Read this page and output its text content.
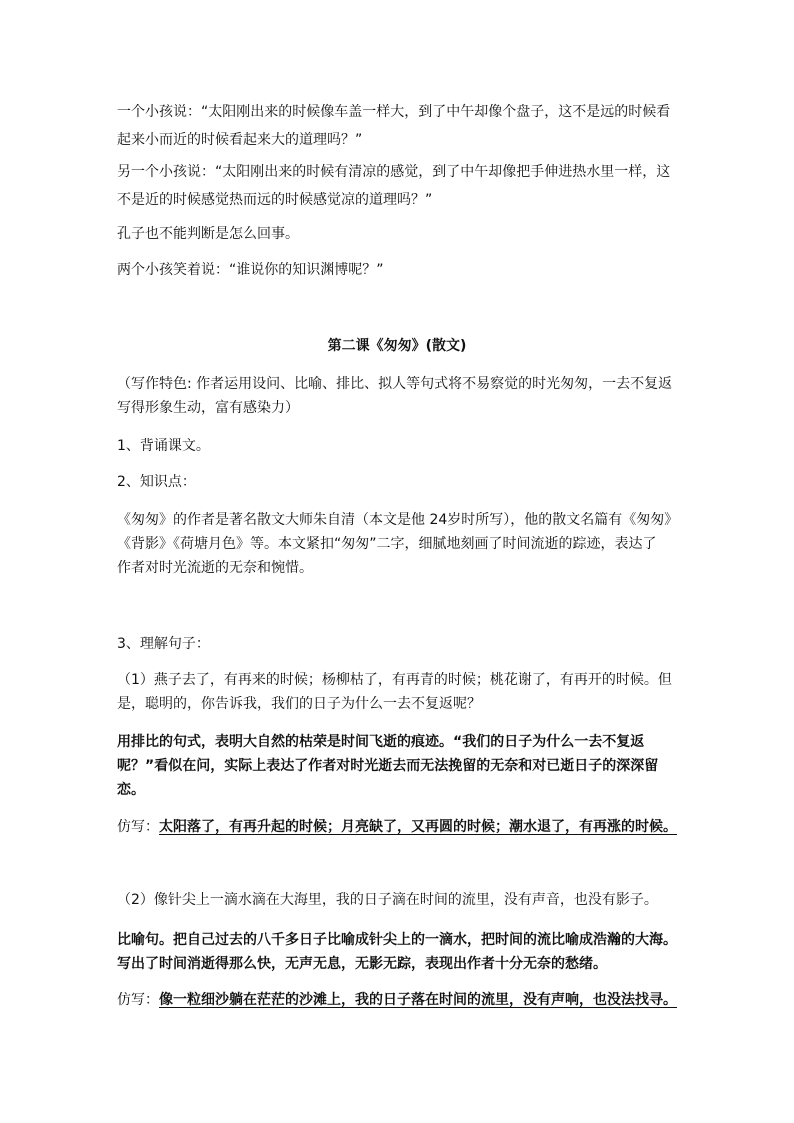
一个小孩说：“太阳刚出来的时候像车盖一样大，到了中午却像个盘子，这不是远的时候看
起来小而近的时候看起来大的道理吗？”

另一个小孩说：“太阳刚出来的时候有清凉的感觉，到了中午却像把手伸进热水里一样，这
不是近的时候感觉热而远的时候感觉凉的道理吗？”

孔子也不能判断是怎么回事。

两个小孩笑着说：“谁说你的知识渊博呢？”

第二课《匆匆》(散文)

（写作特色: 作者运用设问、比喻、排比、拟人等句式将不易察觉的时光匆匆，一去不复返
写得形象生动，富有感染力）

1、背诵课文。

2、知识点：

《匆匆》的作者是著名散文大师朱自清（本文是他 24岁时所写），他的散文名篇有《匆匆》
《背影》《荷塘月色》等。本文紧扣“匆匆”二字，细腻地刻画了时间流逝的踪迹，表达了
作者对时光流逝的无奈和惋惜。

3、理解句子：

（1）燕子去了，有再来的时候；杨柳枯了，有再青的时候；桃花谢了，有再开的时候。但
是，聪明的，你告诉我，我们的日子为什么一去不复返呢？

用排比的句式，表明大自然的枯荣是时间飞逝的痕迹。“我们的日子为什么一去不复返
呢？”看似在问，实际上表达了作者对时光逝去而无法挽留的无奈和对已逝日子的深深留
恋。

仿写：太阳落了，有再升起的时候；月亮缺了，又再圆的时候；潮水退了，有再涨的时候。

（2）像针尖上一滴水滴在大海里，我的日子滴在时间的流里，没有声音，也没有影子。

比喻句。把自己过去的八千多日子比喻成针尖上的一滴水，把时间的流比喻成浩瀚的大海。
写出了时间消逝得那么快，无声无息，无影无踪，表现出作者十分无奈的愁绪。

仿写：像一粒细沙躺在茫茫的沙滩上，我的日子落在时间的流里，没有声响，也没法找寻。
